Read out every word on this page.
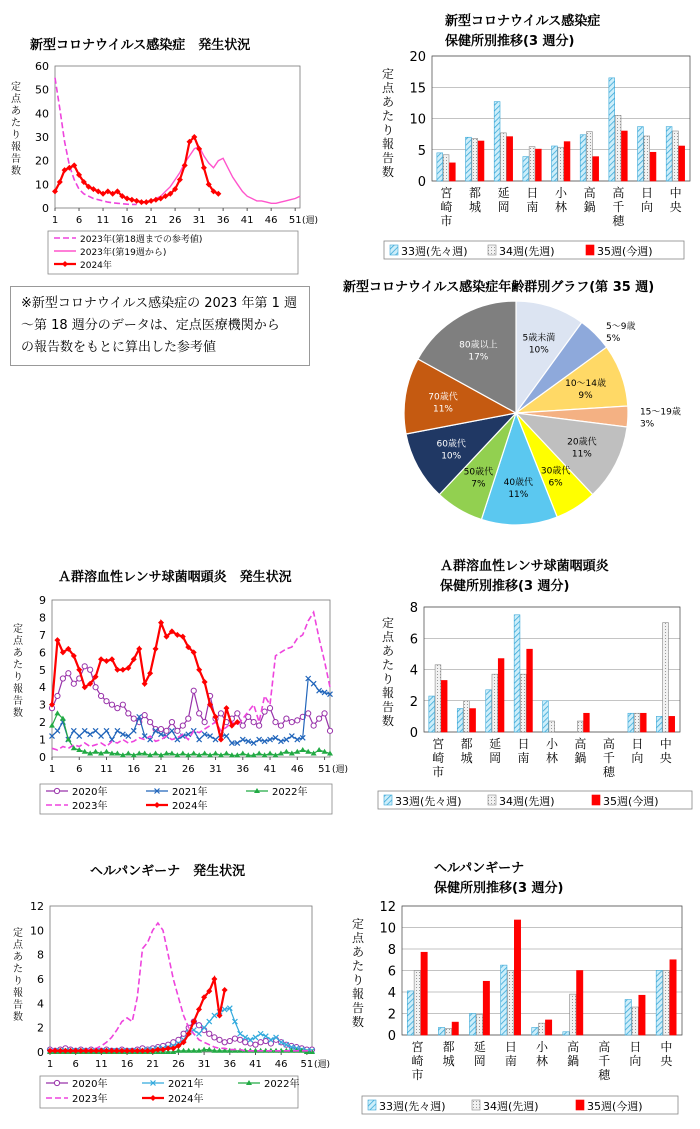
新型コロナウイルス感染症　発生状況
0
10
20
30
40
50
60
1 6 11 16 21 26 31 36 41 46 51 (週)
定
点
あ
た
り
報
告
数
2023年(第18週までの参考値)
2023年(第19週から)
2024年
新型コロナウイルス感染症
保健所別推移(3 週分)
0
5
10
15
20
定
点
あ
た
り
報
告
数
宮
崎
市
都
城
延
岡
日
南
小
林
高
鍋
高
千
穂
日
向
中
央
33週(先々週)	34週(先週)	35週(今週)
※新型コロナウイルス感染症の 2023 年第 1 週
〜第 18 週分のデータは、定点医療機関から
の報告数をもとに算出した参考値
新型コロナウイルス感染症年齢群別グラフ(第 35 週)
5歳未満
10%
5〜9歳
5%
10〜14歳
9%
15〜19歳
3%
20歳代
11%
30歳代
6%
40歳代
11%
50歳代
7%
60歳代
10%
70歳代
11%
80歳以上
17%
Ａ群溶血性レンサ球菌咽頭炎　発生状況
0
1
2
3
4
5
6
7
8
9
1 6 11 16 21 26 31 36 41 46 51 (週)
定
点
あ
た
り
報
告
数
2020年	2021年	2022年
2023年	2024年
Ａ群溶血性レンサ球菌咽頭炎
保健所別推移(3 週分)
0
2
4
6
8
定
点
あ
た
り
報
告
数
宮
崎
市
都
城
延
岡
日
南
小
林
高
鍋
高
千
穂
日
向
中
央
33週(先々週)	34週(先週)	35週(今週)
ヘルパンギーナ　発生状況
0
2
4
6
8
10
12
1 6 11 16 21 26 31 36 41 46 51 (週)
定
点
あ
た
り
報
告
数
2020年	2021年	2022年
2023年	2024年
ヘルパンギーナ
保健所別推移(3 週分)
0
2
4
6
8
10
12
定
点
あ
た
り
報
告
数
宮
崎
市
都
城
延
岡
日
南
小
林
高
鍋
高
千
穂
日
向
中
央
33週(先々週)	34週(先週)	35週(今週)
